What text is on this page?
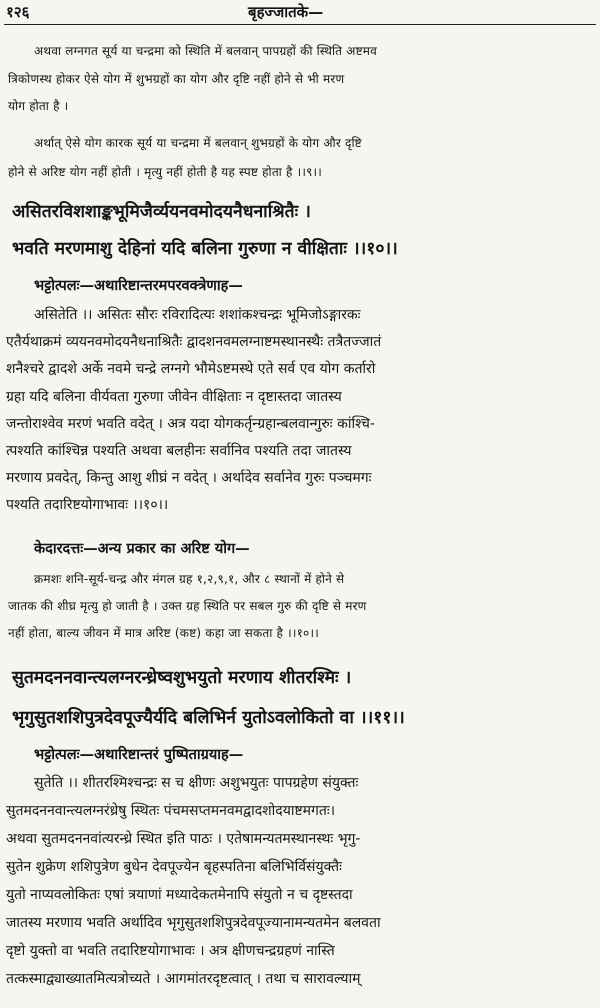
१२६	बृहज्जातके—
अथवा लग्नगत सूर्य या चन्द्रमा को स्थिति में बलवान् पापग्रहों की स्थिति अष्टमव
त्रिकोणस्थ होकर ऐसे योग में शुभग्रहों का योग और दृष्टि नहीं होने से भी मरण
योग होता है ।
अर्थात् ऐसे योग कारक सूर्य या चन्द्रमा में बलवान् शुभग्रहों के योग और दृष्टि
होने से अरिष्ट योग नहीं होती । मृत्यु नहीं होती है यह स्पष्ट होता है ।।९।।
असितरविशशाङ्कभूमिजैर्व्ययनवमोदयनैधनाश्रितैः ।
भवति मरणमाशु देहिनां यदि बलिना गुरुणा न वीक्षिताः ।।१०।।
भट्टोत्पलः—अथारिष्टान्तरमपरवक्त्रेणाह—
असितेति ।। असितः सौरः रविरादित्यः शशांकश्चन्द्रः भूमिजोऽङ्गारकः
एतैर्यथाक्रमं व्ययनवमोदयनैधनाश्रितैः द्वादशनवमलग्नाष्टमस्थानस्थैः तत्रैतज्जातं
शनैश्चरे द्वादशे अर्के नवमे चन्द्रे लग्नगे भौमेऽष्टमस्थे एते सर्व एव योग कर्तारो
ग्रहा यदि बलिना वीर्यवता गुरुणा जीवेन वीक्षिताः न दृष्टास्तदा जातस्य
जन्तोराश्वेव मरणं भवति वदेत् । अत्र यदा योगकर्तृन्ग्रहान्बलवान्गुरुः कांश्चि-
त्पश्यति कांश्चिन्न पश्यति अथवा बलहीनः सर्वानिव पश्यति तदा जातस्य
मरणाय प्रवदेत्, किन्तु आशु शीघ्रं न वदेत् । अर्थादेव सर्वानेव गुरुः पञ्चमगः
पश्यति तदारिष्टयोगाभावः ।।१०।।
केदारदत्तः—अन्य प्रकार का अरिष्ट योग—
क्रमशः शनि-सूर्य-चन्द्र और मंगल ग्रह १,२,९,१, और ८ स्थानों में होने से
जातक की शीघ्र मृत्यु हो जाती है । उक्त ग्रह स्थिति पर सबल गुरु की दृष्टि से मरण
नहीं होता, बाल्य जीवन में मात्र अरिष्ट (कष्ट) कहा जा सकता है ।।१०।।
सुतमदननवान्त्यलग्नरन्ध्रेष्वशुभयुतो मरणाय शीतरश्मिः ।
भृगुसुतशशिपुत्रदेवपूज्यैर्यदि बलिभिर्न युतोऽवलोकितो वा ।।११।।
भट्टोत्पलः—अथारिष्टान्तरं पुष्पिताग्रयाह—
सुतेति ।। शीतरश्मिश्चन्द्रः स च क्षीणः अशुभयुतः पापग्रहेण संयुक्तः
सुतमदननवान्त्यलग्नरंध्रेषु स्थितः पंचमसप्तमनवमद्वादशोदयाष्टमगतः।
अथवा सुतमदननवांत्यरन्ध्रे स्थित इति पाठः । एतेषामन्यतमस्थानस्थः भृगु-
सुतेन शुक्रेण शशिपुत्रेण बुधेन देवपूज्येन बृहस्पतिना बलिभिर्विसंयुक्तैः
युतो नाप्यवलोकितः एषां त्रयाणां मध्यादेकतमेनापि संयुतो न च दृष्टस्तदा
जातस्य मरणाय भवति अर्थादिव भृगुसुतशशिपुत्रदेवपूज्यानामन्यतमेन बलवता
दृष्टो युक्तो वा भवति तदारिष्टयोगाभावः । अत्र क्षीणचन्द्रग्रहणं नास्ति
तत्कस्माद्व्याख्यातमित्यत्रोच्यते । आगमांतरदृष्टत्वात् । तथा च सारावल्याम्
